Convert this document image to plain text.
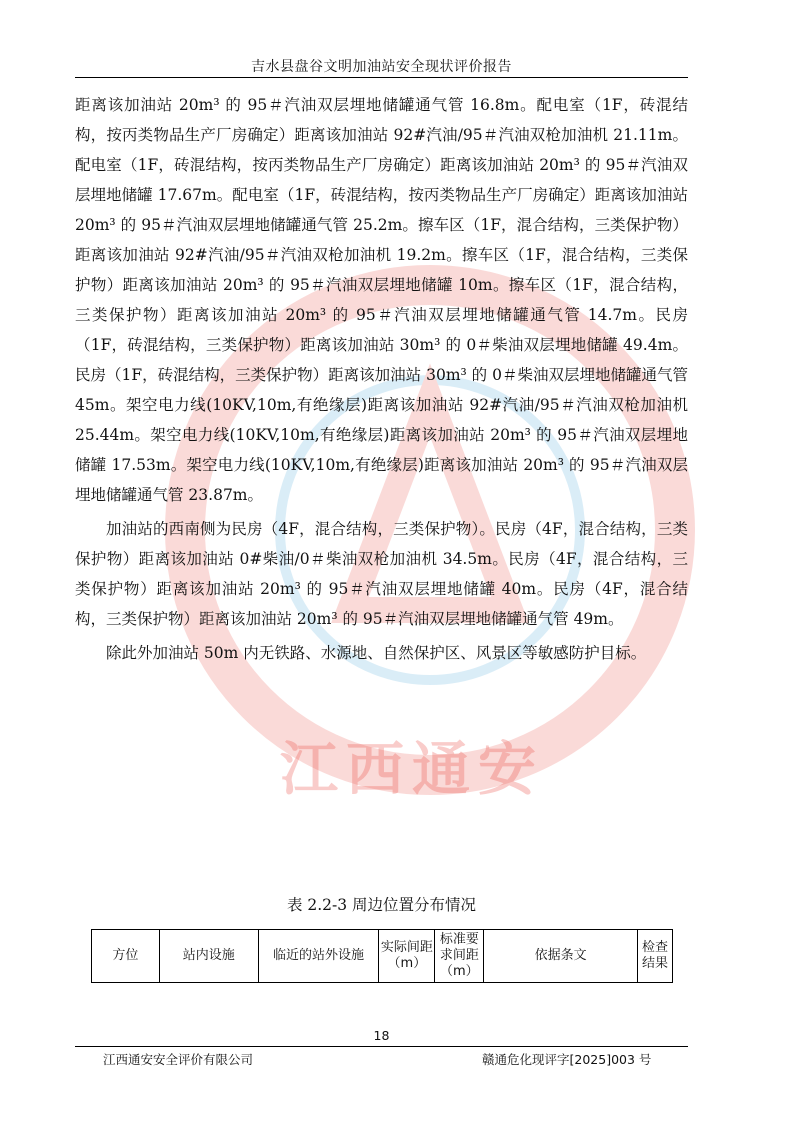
吉水县盘谷文明加油站安全现状评价报告

距离该加油站 20m³ 的 95＃汽油双层埋地储罐通气管 16.8m。配电室（1F，砖混结构，按丙类物品生产厂房确定）距离该加油站 92#汽油/95＃汽油双枪加油机 21.11m。配电室（1F，砖混结构，按丙类物品生产厂房确定）距离该加油站 20m³ 的 95＃汽油双层埋地储罐 17.67m。配电室（1F，砖混结构，按丙类物品生产厂房确定）距离该加油站 20m³ 的 95＃汽油双层埋地储罐通气管 25.2m。擦车区（1F，混合结构，三类保护物）距离该加油站 92#汽油/95＃汽油双枪加油机 19.2m。擦车区（1F，混合结构，三类保护物）距离该加油站 20m³ 的 95＃汽油双层埋地储罐 10m。擦车区（1F，混合结构，三类保护物）距离该加油站 20m³ 的 95＃汽油双层埋地储罐通气管 14.7m。民房（1F，砖混结构，三类保护物）距离该加油站 30m³ 的 0＃柴油双层埋地储罐 49.4m。民房（1F，砖混结构，三类保护物）距离该加油站 30m³ 的 0＃柴油双层埋地储罐通气管 45m。架空电力线(10KV,10m,有绝缘层)距离该加油站 92#汽油/95＃汽油双枪加油机 25.44m。架空电力线(10KV,10m,有绝缘层)距离该加油站 20m³ 的 95＃汽油双层埋地储罐 17.53m。架空电力线(10KV,10m,有绝缘层)距离该加油站 20m³ 的 95＃汽油双层埋地储罐通气管 23.87m。

加油站的西南侧为民房（4F，混合结构，三类保护物）。民房（4F，混合结构，三类保护物）距离该加油站 0#柴油/0＃柴油双枪加油机 34.5m。民房（4F，混合结构，三类保护物）距离该加油站 20m³ 的 95＃汽油双层埋地储罐 40m。民房（4F，混合结构，三类保护物）距离该加油站 20m³ 的 95＃汽油双层埋地储罐通气管 49m。

除此外加油站 50m 内无铁路、水源地、自然保护区、风景区等敏感防护目标。

江西通安
表 2.2-3 周边位置分布情况
方位	站内设施	临近的站外设施	实际间距（m）	标准要求间距（m）	依据条文	检查结果
18
江西通安安全评价有限公司	赣通危化现评字[2025]003 号
